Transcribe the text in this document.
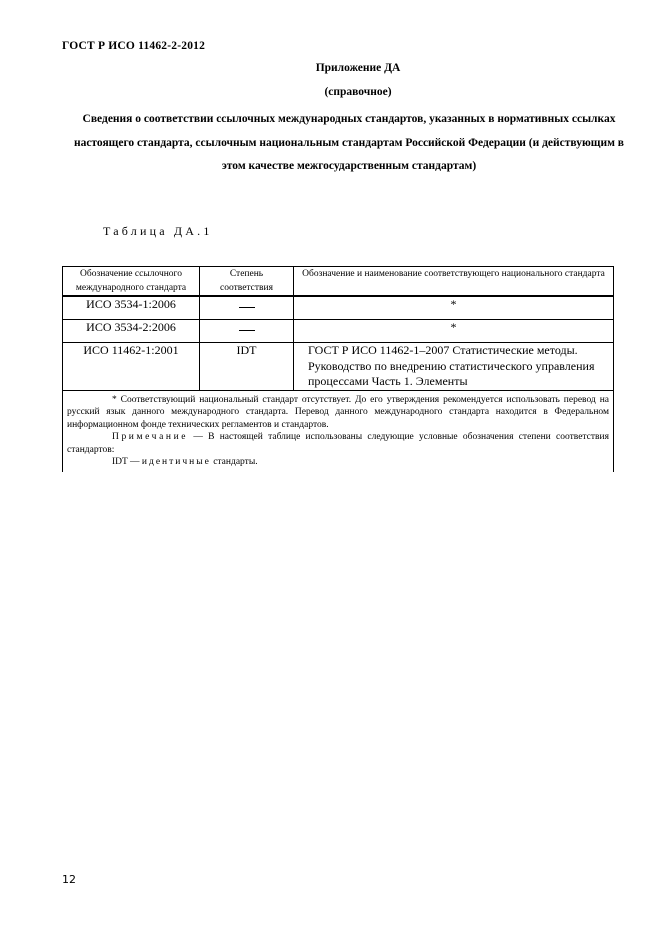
ГОСТ Р ИСО 11462-2-2012
Приложение ДА
(справочное)
Сведения о соответствии ссылочных международных стандартов, указанных в нормативных ссылках настоящего стандарта, ссылочным национальным стандартам Российской Федерации (и действующим в этом качестве межгосударственным стандартам)
Таблица ДА.1
Обозначение ссылочного международного стандарта	Степень соответствия	Обозначение и наименование соответствующего национального стандарта
ИСО 3534-1:2006		*
ИСО 3534-2:2006		*
ИСО 11462-1:2001	IDT	ГОСТ Р ИСО 11462-1–2007 Статистические методы. Руководство по внедрению статистического управления процессами Часть 1. Элементы

* Соответствующий национальный стандарт отсутствует. До его утверждения рекомендуется использовать перевод на русский язык данного международного стандарта. Перевод данного международного стандарта находится в Федеральном информационном фонде технических регламентов и стандартов.
Примечание — В настоящей таблице использованы следующие условные обозначения степени соответствия стандартов:
IDT — идентичные стандарты.		
12
